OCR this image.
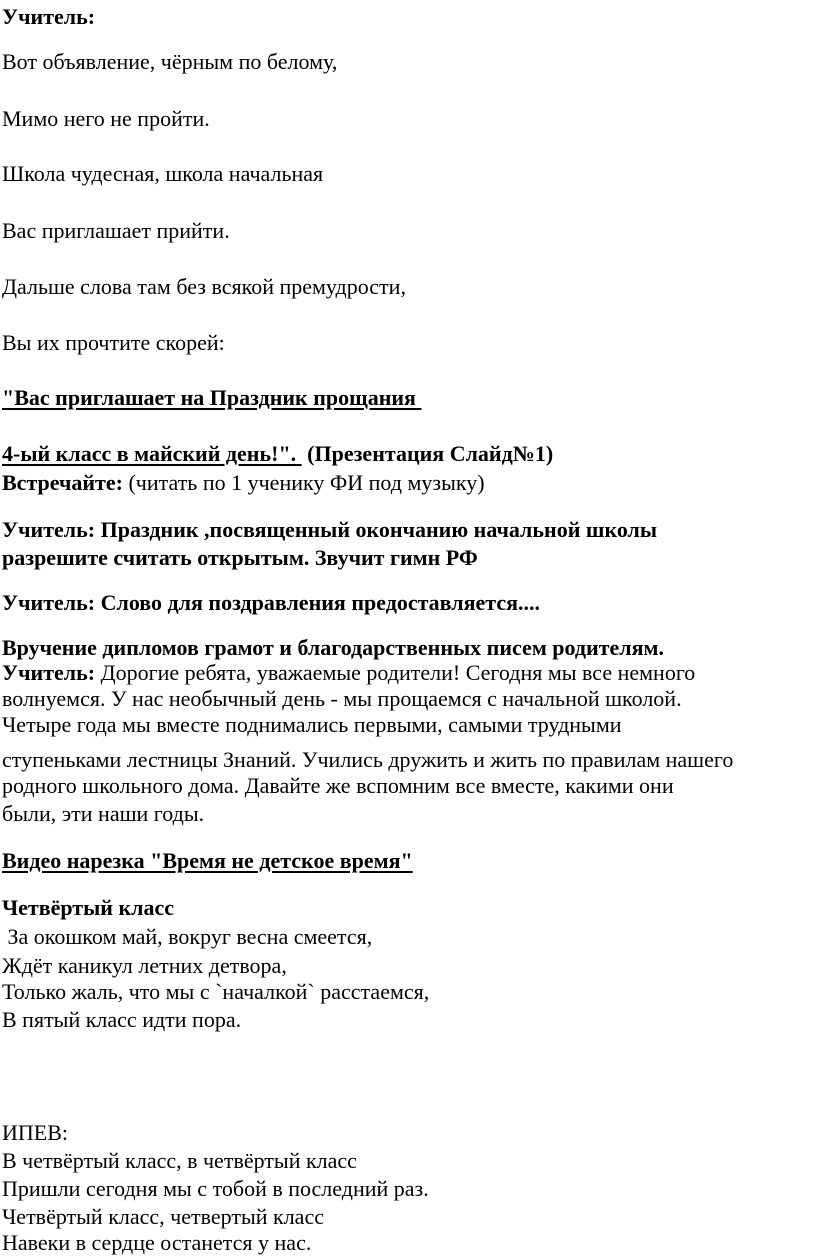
Учитель:
Вот объявление, чёрным по белому,
Мимо него не пройти.
Школа чудесная, школа начальная
Вас приглашает прийти.
Дальше слова там без всякой премудрости,
Вы их прочтите скорей:
"Вас приглашает на Праздник прощания
4-ый класс в майский день!".  (Презентация Слайд№1)
Встречайте: (читать по 1 ученику ФИ под музыку)
Учитель: Праздник ,посвященный окончанию начальной школы
разрешите считать открытым. Звучит гимн РФ
Учитель: Слово для поздравления предоставляется....
Вручение дипломов грамот и благодарственных писем родителям.
Учитель: Дорогие ребята, уважаемые родители! Сегодня мы все немного
волнуемся. У нас необычный день - мы прощаемся с начальной школой.
Четыре года мы вместе поднимались первыми, самыми трудными
ступеньками лестницы Знаний. Учились дружить и жить по правилам нашего
родного школьного дома. Давайте же вспомним все вместе, какими они
были, эти наши годы.
Видео нарезка "Время не детское время"
Четвёртый класс
За окошком май, вокруг весна смеется,
Ждёт каникул летних детвора,
Только жаль, что мы с `началкой` расстаемся,
В пятый класс идти пора.
ИПЕВ:
В четвёртый класс, в четвёртый класс
Пришли сегодня мы с тобой в последний раз.
Четвёртый класс, четвертый класс
Навеки в сердце останется у нас.
